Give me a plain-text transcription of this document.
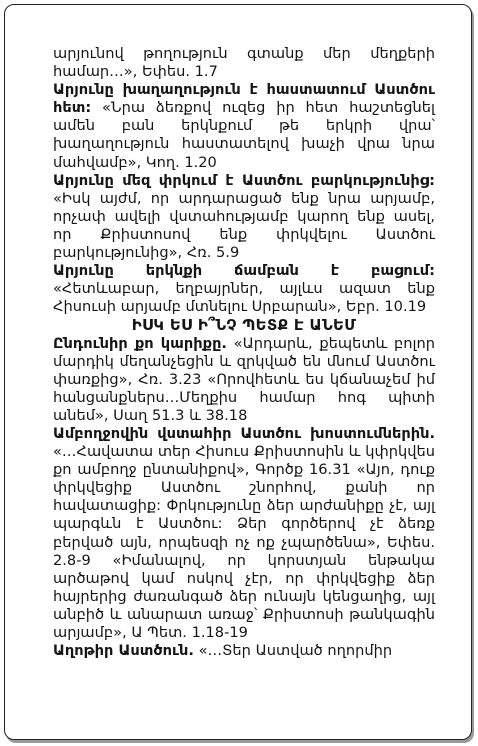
արյունով թողություն գտանք մեր մեղքերի համար…», Եփես. 1.7

Արյունը խաղաղություն է հաստատում Աստծու հետ: «Նրա ձեռքով ուզեց իր հետ հաշտեցնել ամեն բան երկնքում թե երկրի վրա՝ խաղաղություն հաստատելով խաչի վրա նրա մահվամբ», Կող. 1.20

Արյունը մեզ փրկում է Աստծու բարկությունից: «Իսկ այժմ, որ արդարացած ենք նրա արյամբ, որչափ ավելի վստահությամբ կարող ենք ասել, որ Քրիստոսով ենք փրկվելու Աստծու բարկությունից», Հռ. 5.9

Արյունը երկնքի ճամբան է բացում: «Հետևաբար, եղբայրներ, այլևս ազատ ենք Հիսուսի արյամբ մտնելու Սրբարան», Եբր. 10.19

ԻՍԿ ԵՍ Ի՞ՆՉ ՊԵՏՔ Է ԱՆԵՄ

Ընդունիր քո կարիքը. «Արդարև, քեպետև բոլոր մարդիկ մեղանչեցին և զրկված են մնում Աստծու փառքից», Հռ. 3.23 «Որովհետև ես կճանաչեմ իմ հանցանքներս…Մեղքիս համար հոգ պիտի անեմ», Սաղ 51.3 և 38.18

Ամբողջովին վստահիր Աստծու խոստումներին. «…Հավատա տեր Հիսուս Քրիստոսին և կփրկվես քո ամբողջ ընտանիքով», Գործք 16.31 «Այո, դուք փրկվեցիք Աստծու շնորհով, քանի որ հավատացիք: Փրկությունը ձեր արժանիքը չէ, այլ պարգևն է Աստծու: Ձեր գործերով չէ ձեռք բերված այն, որպեսզի ոչ ոք չպարծենա», Եփես. 2.8-9 «Իմանալով, որ կորստյան ենթակա արծաթով կամ ոսկով չէր, որ փրկվեցիք ձեր հայրերից ժառանգած ձեր ունայն կենցաղից, այլ անբիծ և անարատ առաջ՝ Քրիստոսի թանկագին արյամբ», Ա Պետ. 1.18-19

Աղոթիր Աստծուն. «…Տեր Աստված ողորմիր
